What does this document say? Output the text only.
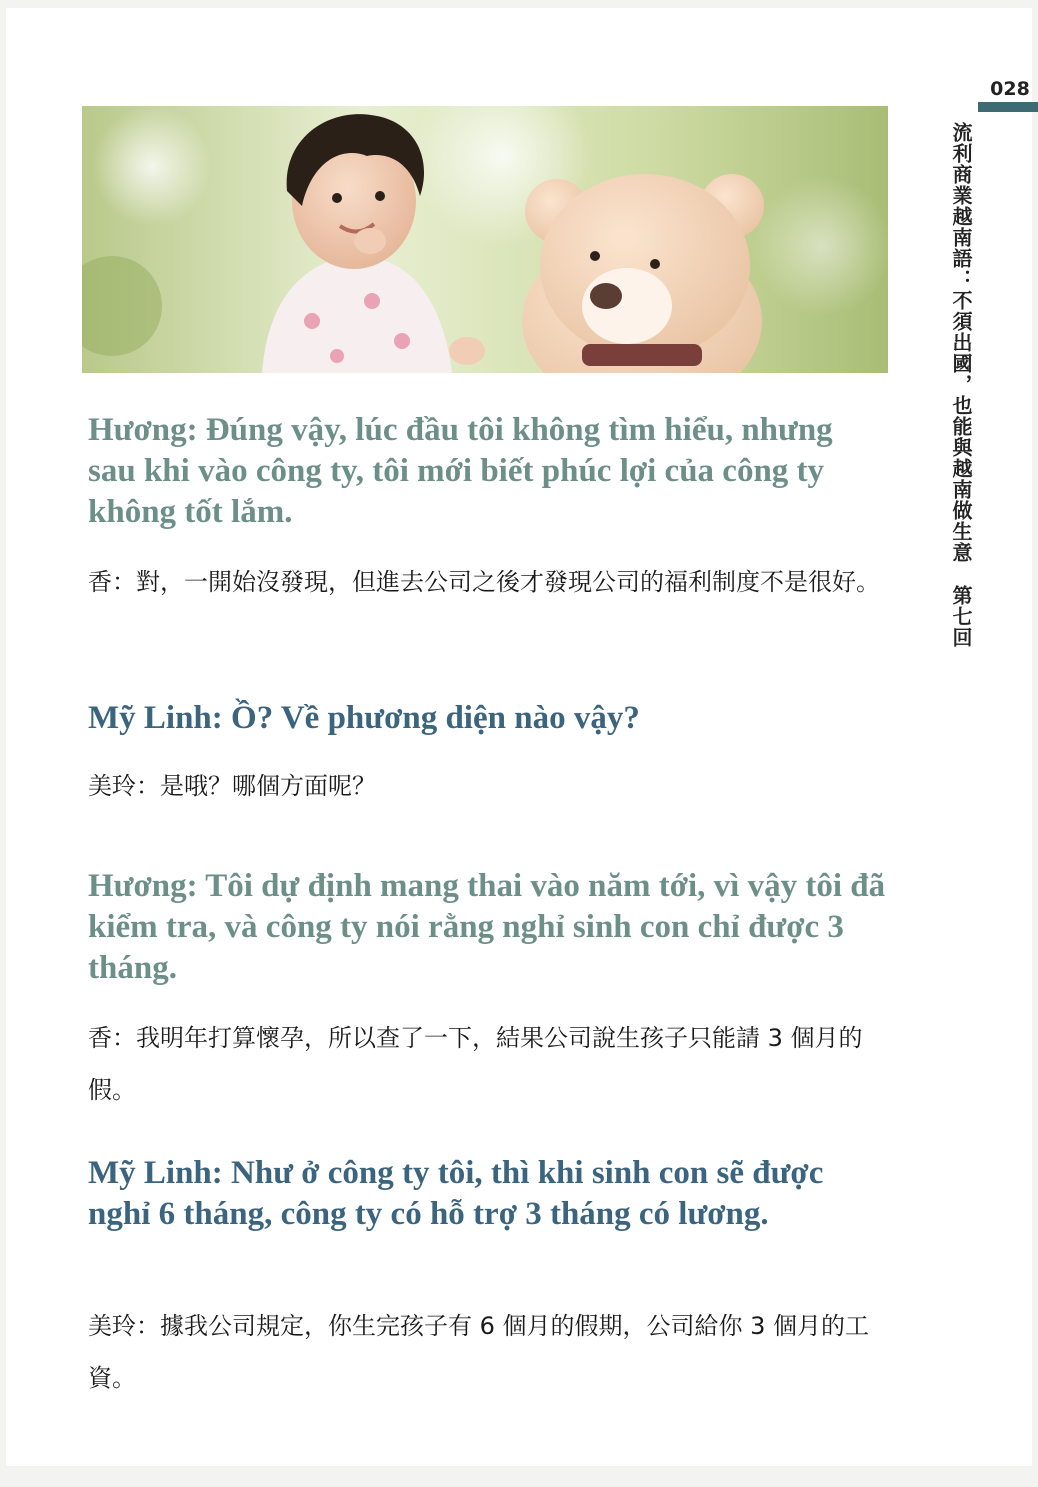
028
流利商業越南語：不須出國，也能與越南做生意第七回

Hương: Đúng vậy, lúc đầu tôi không tìm hiểu, nhưng sau khi vào công ty, tôi mới biết phúc lợi của công ty không tốt lắm.

香：對，一開始沒發現，但進去公司之後才發現公司的福利制度不是很好。

Mỹ Linh: Ồ? Về phương diện nào vậy?

美玲：是哦？哪個方面呢？

Hương: Tôi dự định mang thai vào năm tới, vì vậy tôi đã kiểm tra, và công ty nói rằng nghỉ sinh con chỉ được 3 tháng.

香：我明年打算懷孕，所以查了一下，結果公司說生孩子只能請 3 個月的假。

Mỹ Linh: Như ở công ty tôi, thì khi sinh con sẽ được nghỉ 6 tháng, công ty có hỗ trợ 3 tháng có lương.

美玲：據我公司規定，你生完孩子有 6 個月的假期，公司給你 3 個月的工資。
